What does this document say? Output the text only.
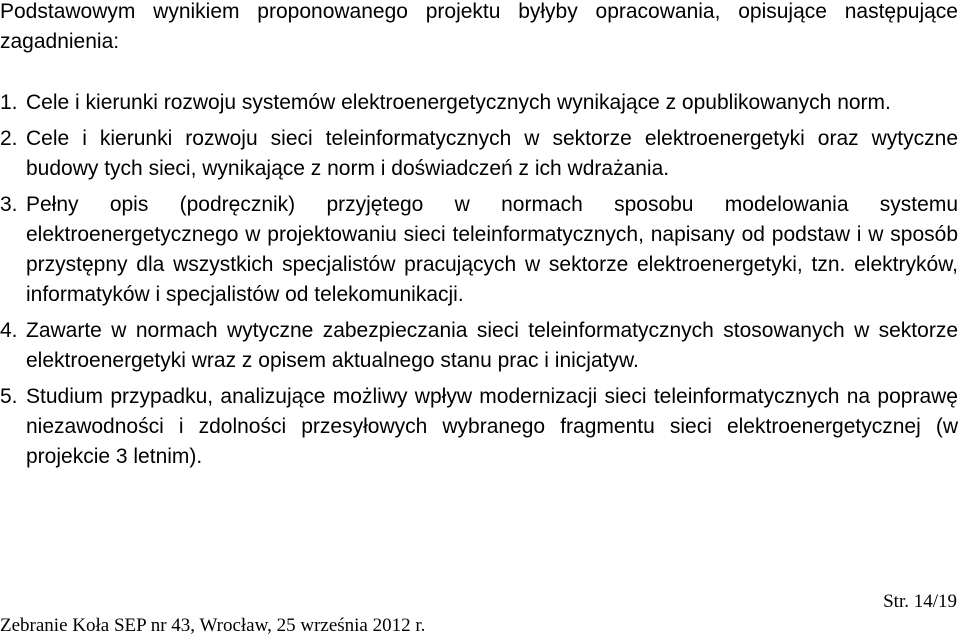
Podstawowym wynikiem proponowanego projektu byłyby opracowania, opisujące następujące zagadnienia:

1. Cele i kierunki rozwoju systemów elektroenergetycznych wynikające z opublikowanych norm.
2. Cele i kierunki rozwoju sieci teleinformatycznych w sektorze elektroenergetyki oraz wytyczne budowy tych sieci, wynikające z norm i doświadczeń z ich wdrażania.
3. Pełny opis (podręcznik) przyjętego w normach sposobu modelowania systemu elektroenergetycznego w projektowaniu sieci teleinformatycznych, napisany od podstaw i w sposób przystępny dla wszystkich specjalistów pracujących w sektorze elektroenergetyki, tzn. elektryków, informatyków i specjalistów od telekomunikacji.
4. Zawarte w normach wytyczne zabezpieczania sieci teleinformatycznych stosowanych w sektorze elektroenergetyki wraz z opisem aktualnego stanu prac i inicjatyw.
5. Studium przypadku, analizujące możliwy wpływ modernizacji sieci teleinformatycznych na poprawę niezawodności i zdolności przesyłowych wybranego fragmentu sieci elektroenergetycznej (w projekcie 3 letnim).
Str. 14/19
Zebranie Koła SEP nr 43, Wrocław, 25 września 2012 r.
